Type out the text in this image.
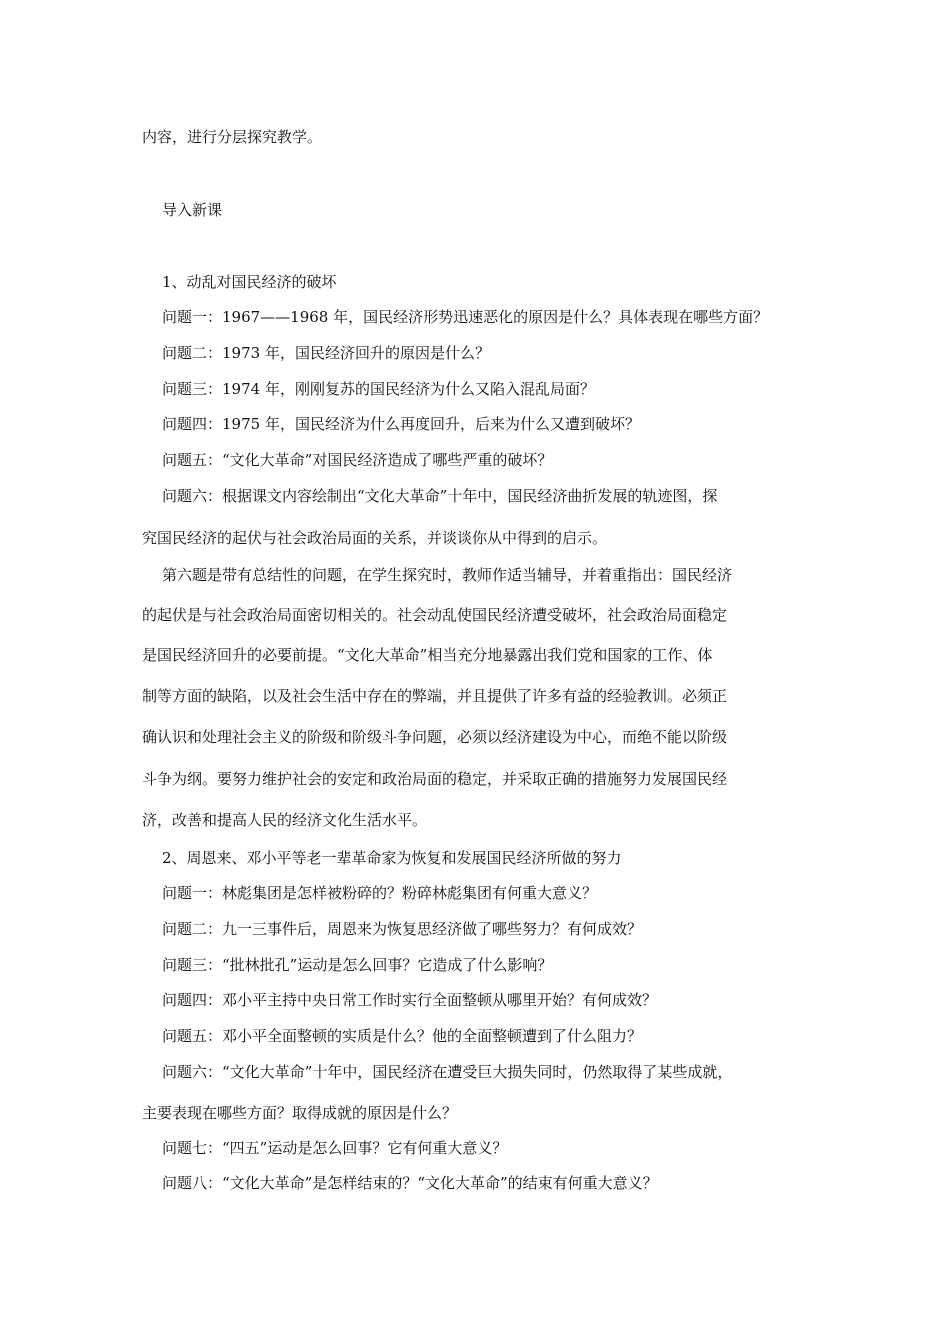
内容，进行分层探究教学。

导入新课

1、动乱对国民经济的破坏

问题一：1967——1968 年，国民经济形势迅速恶化的原因是什么？具体表现在哪些方面？

问题二：1973 年，国民经济回升的原因是什么？

问题三：1974 年，刚刚复苏的国民经济为什么又陷入混乱局面？

问题四：1975 年，国民经济为什么再度回升，后来为什么又遭到破坏？

问题五：“文化大革命”对国民经济造成了哪些严重的破坏？

问题六：根据课文内容绘制出“文化大革命”十年中，国民经济曲折发展的轨迹图，探

究国民经济的起伏与社会政治局面的关系，并谈谈你从中得到的启示。

第六题是带有总结性的问题，在学生探究时，教师作适当辅导，并着重指出：国民经济

的起伏是与社会政治局面密切相关的。社会动乱使国民经济遭受破坏，社会政治局面稳定

是国民经济回升的必要前提。“文化大革命”相当充分地暴露出我们党和国家的工作、体

制等方面的缺陷，以及社会生活中存在的弊端，并且提供了许多有益的经验教训。必须正

确认识和处理社会主义的阶级和阶级斗争问题，必须以经济建设为中心，而绝不能以阶级

斗争为纲。要努力维护社会的安定和政治局面的稳定，并采取正确的措施努力发展国民经

济，改善和提高人民的经济文化生活水平。

2、周恩来、邓小平等老一辈革命家为恢复和发展国民经济所做的努力

问题一：林彪集团是怎样被粉碎的？粉碎林彪集团有何重大意义？

问题二：九一三事件后，周恩来为恢复思经济做了哪些努力？有何成效？

问题三：“批林批孔”运动是怎么回事？它造成了什么影响？

问题四：邓小平主持中央日常工作时实行全面整顿从哪里开始？有何成效？

问题五：邓小平全面整顿的实质是什么？他的全面整顿遭到了什么阻力？

问题六：“文化大革命”十年中，国民经济在遭受巨大损失同时，仍然取得了某些成就，

主要表现在哪些方面？取得成就的原因是什么？

问题七：“四五”运动是怎么回事？它有何重大意义？

问题八：“文化大革命”是怎样结束的？“文化大革命”的结束有何重大意义？
